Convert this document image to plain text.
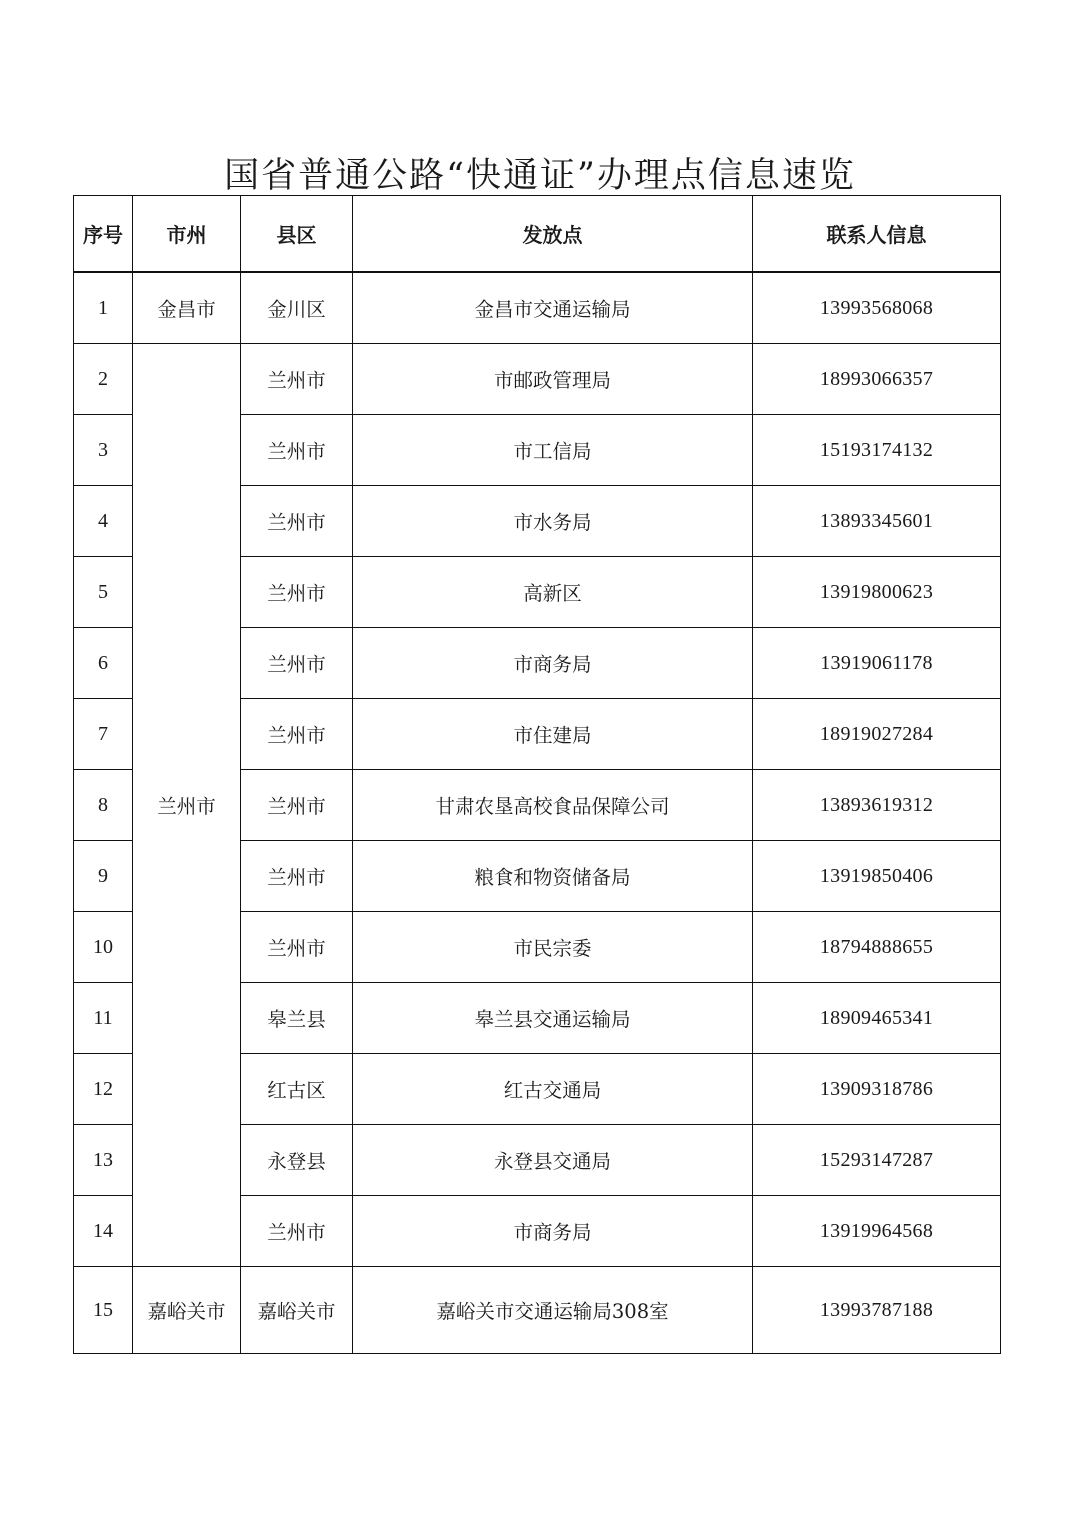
国省普通公路“快通证”办理点信息速览
序号	市州	县区	发放点	联系人信息
1	金昌市	金川区	金昌市交通运输局	13993568068
2	兰州市	兰州市	市邮政管理局	18993066357
3		兰州市	市工信局	15193174132
4		兰州市	市水务局	13893345601
5		兰州市	高新区	13919800623
6		兰州市	市商务局	13919061178
7		兰州市	市住建局	18919027284
8		兰州市	甘肃农垦高校食品保障公司	13893619312
9		兰州市	粮食和物资储备局	13919850406
10		兰州市	市民宗委	18794888655
11		皋兰县	皋兰县交通运输局	18909465341
12		红古区	红古交通局	13909318786
13		永登县	永登县交通局	15293147287
14		兰州市	市商务局	13919964568
15	嘉峪关市	嘉峪关市	嘉峪关市交通运输局308室	13993787188
